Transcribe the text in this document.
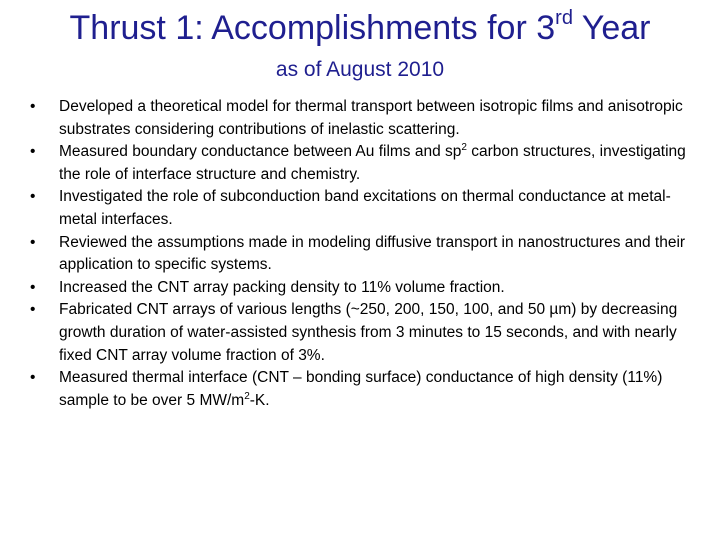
Thrust 1: Accomplishments for 3rd Year
as of August 2010
•	Developed a theoretical model for thermal transport between isotropic films and anisotropic substrates considering contributions of inelastic scattering.
•	Measured boundary conductance between Au films and $sp^2$ carbon structures, investigating the role of interface structure and chemistry.
•	Investigated the role of subconduction band excitations on thermal conductance at metal-metal interfaces.
•	Reviewed the assumptions made in modeling diffusive transport in nanostructures and their application to specific systems.
•	Increased the CNT array packing density to 11% volume fraction.
•	Fabricated CNT arrays of various lengths (~250, 200, 150, 100, and 50 µm) by decreasing growth duration of water-assisted synthesis from 3 minutes to 15 seconds, and with nearly fixed CNT array volume fraction of 3%.
•	Measured thermal interface (CNT – bonding surface) conductance of high density (11%) sample to be over 5 $MW/m^2-K$.
